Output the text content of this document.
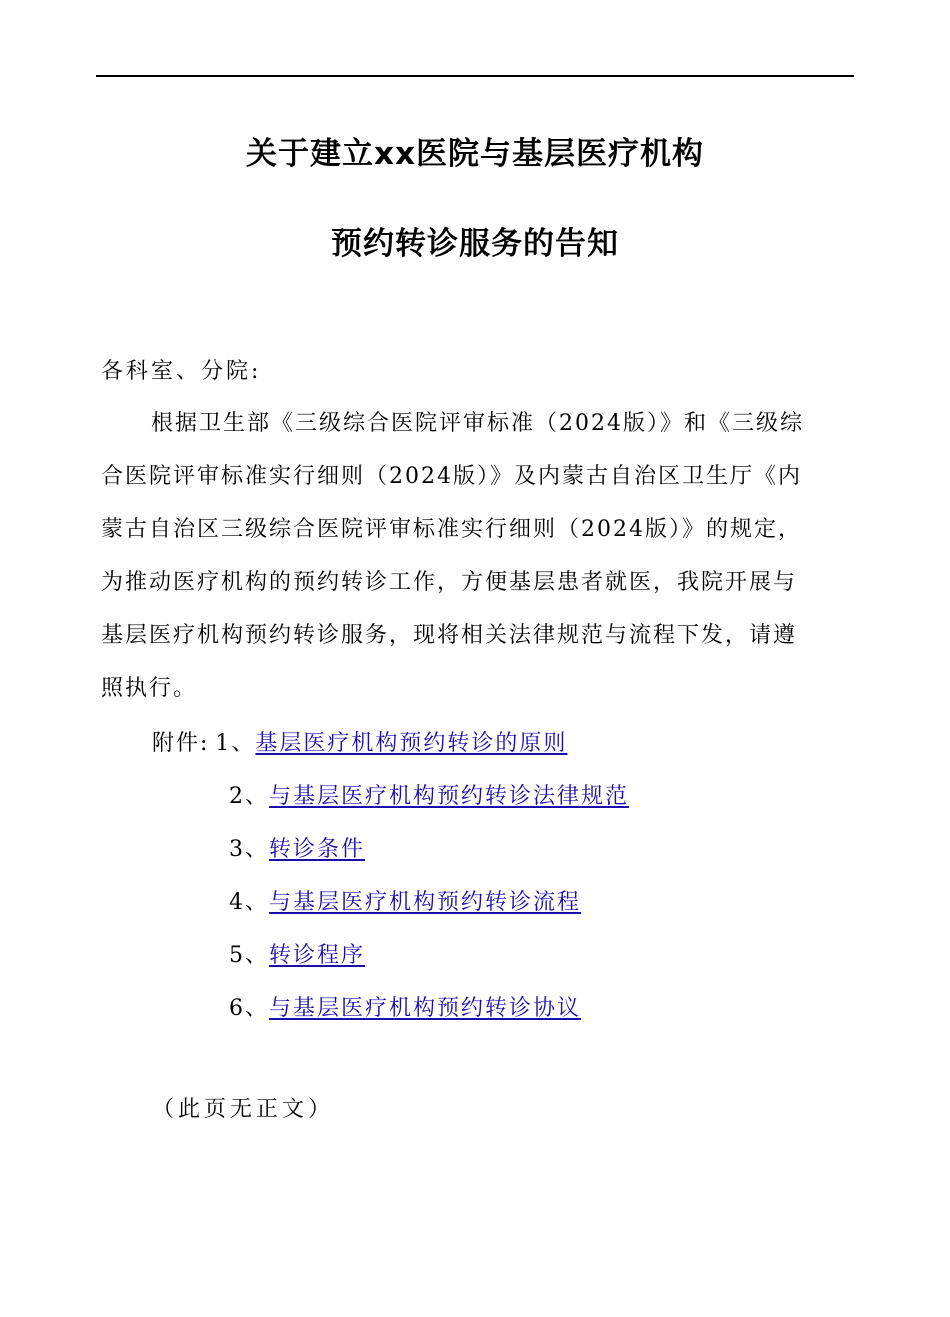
关于建立xx医院与基层医疗机构
预约转诊服务的告知
各科室、分院:
根据卫生部《三级综合医院评审标准（2024版）》和《三级综
合医院评审标准实行细则（2024版）》及内蒙古自治区卫生厅《内
蒙古自治区三级综合医院评审标准实行细则（2024版）》的规定，
为推动医疗机构的预约转诊工作，方便基层患者就医，我院开展与
基层医疗机构预约转诊服务，现将相关法律规范与流程下发，请遵
照执行。
附件: 1、基层医疗机构预约转诊的原则
2、与基层医疗机构预约转诊法律规范
3、转诊条件
4、与基层医疗机构预约转诊流程
5、转诊程序
6、与基层医疗机构预约转诊协议
（此页无正文）
